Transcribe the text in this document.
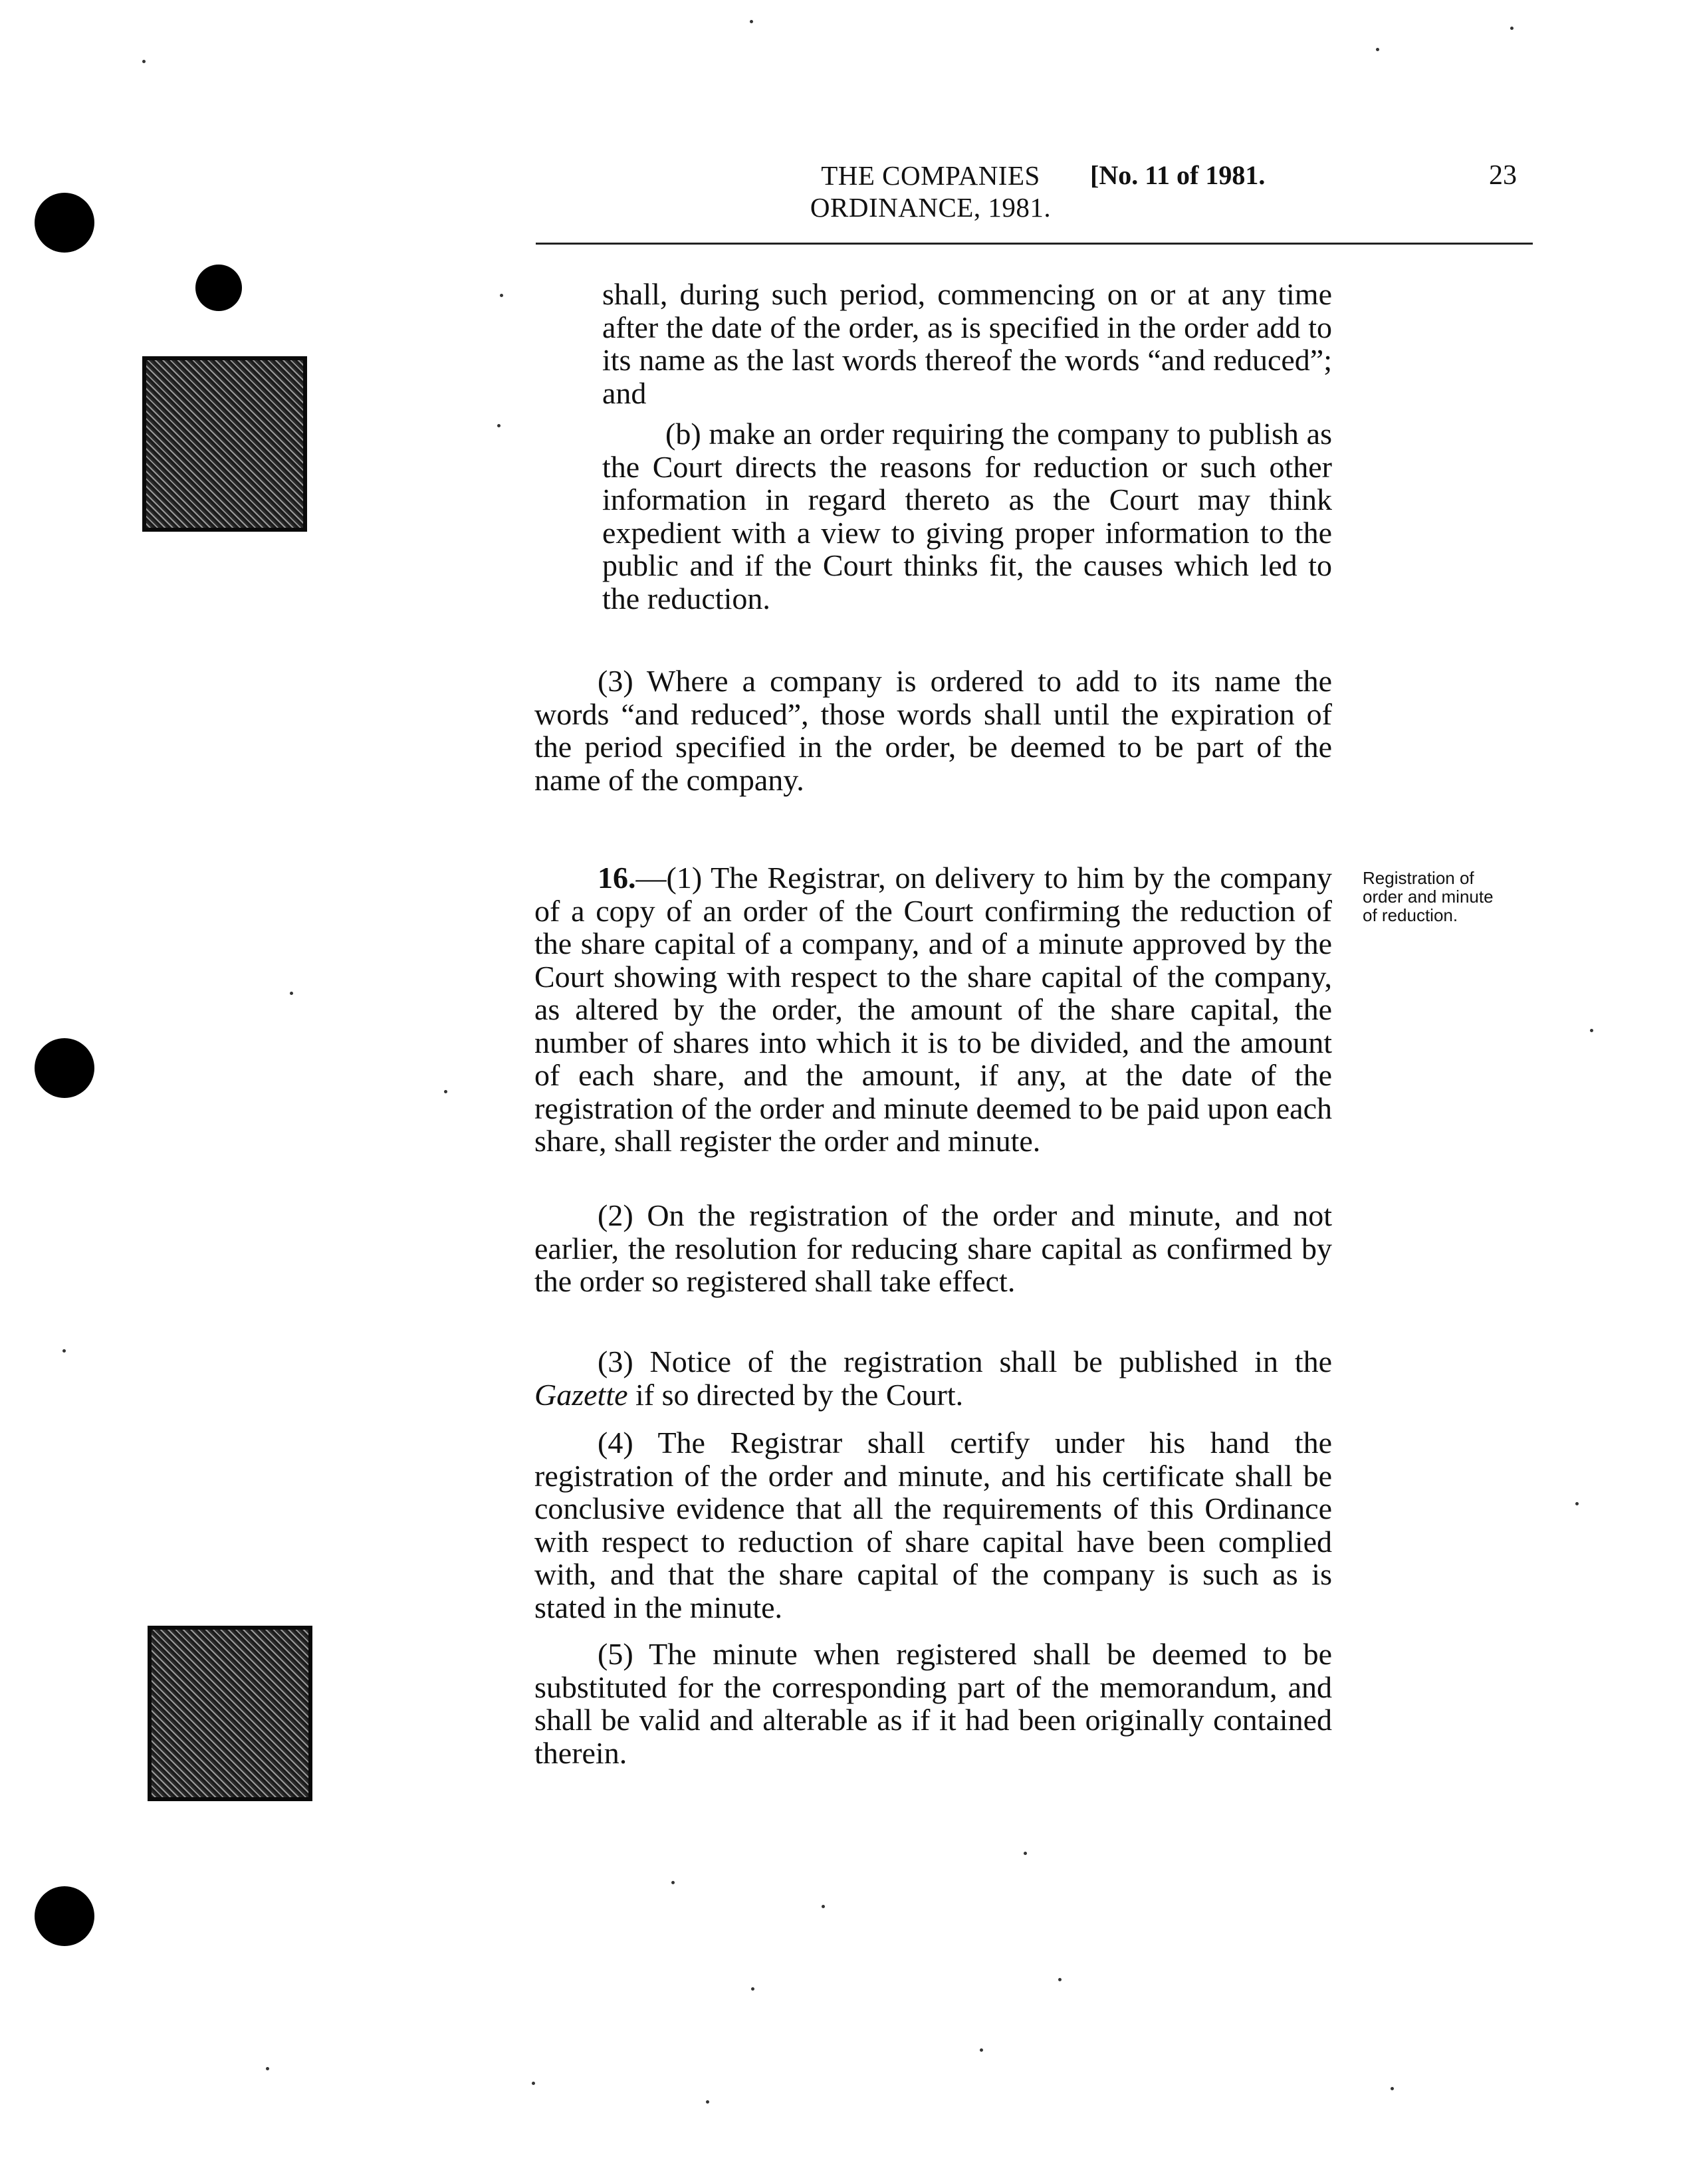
THE COMPANIES
ORDINANCE, 1981.
[No. 11 of 1981.	23

shall, during such period, commencing on or at any time after the date of the order, as is specified in the order add to its name as the last words thereof the words “and reduced”; and

(b) make an order requiring the company to publish as the Court directs the reasons for reduction or such other information in regard thereto as the Court may think expedient with a view to giving proper information to the public and if the Court thinks fit, the causes which led to the reduction.

(3) Where a company is ordered to add to its name the words “and reduced”, those words shall until the expiration of the period specified in the order, be deemed to be part of the name of the company.

16.—(1) The Registrar, on delivery to him by the company of a copy of an order of the Court confirming the reduction of the share capital of a company, and of a minute approved by the Court showing with respect to the share capital of the company, as altered by the order, the amount of the share capital, the number of shares into which it is to be divided, and the amount of each share, and the amount, if any, at the date of the registration of the order and minute deemed to be paid upon each share, shall register the order and minute.

Registration of
order and minute
of reduction.

(2) On the registration of the order and minute, and not earlier, the resolution for reducing share capital as confirmed by the order so registered shall take effect.

(3) Notice of the registration shall be published in the Gazette if so directed by the Court.

(4) The Registrar shall certify under his hand the registration of the order and minute, and his certificate shall be conclusive evidence that all the requirements of this Ordinance with respect to reduction of share capital have been complied with, and that the share capital of the company is such as is stated in the minute.

(5) The minute when registered shall be deemed to be substituted for the corresponding part of the memorandum, and shall be valid and alterable as if it had been originally contained therein.
